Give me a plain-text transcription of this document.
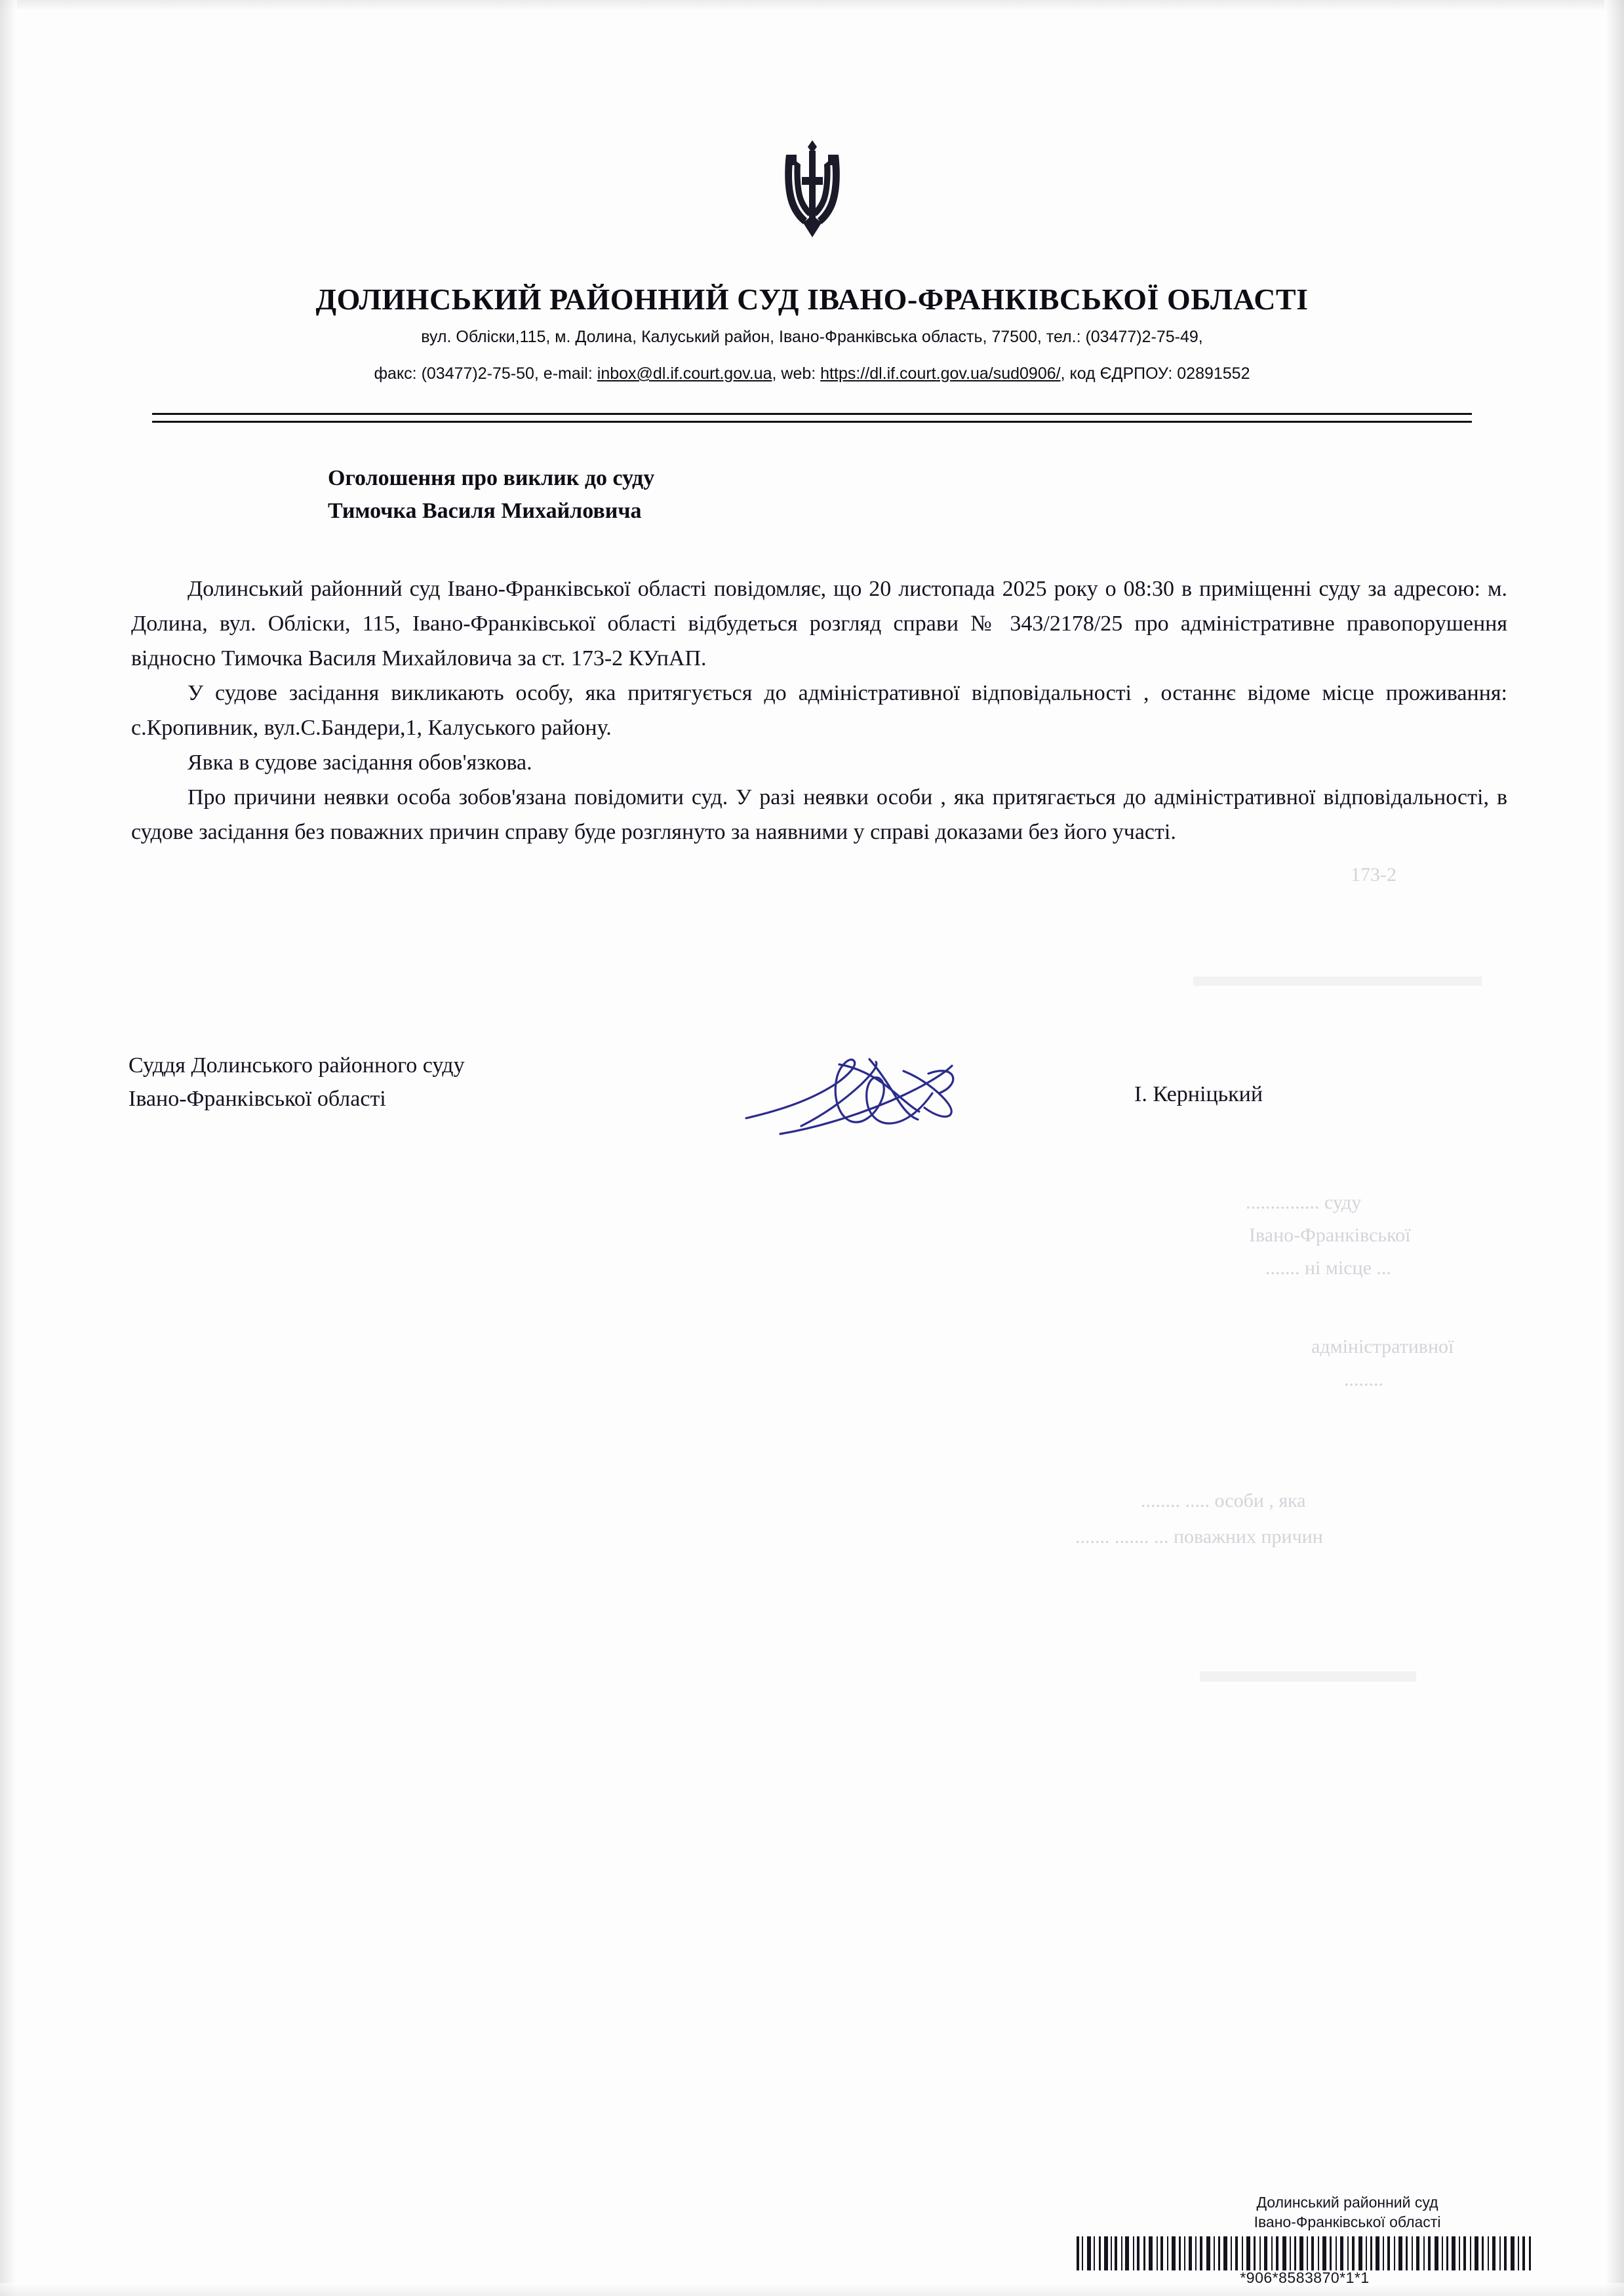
ДОЛИНСЬКИЙ РАЙОННИЙ СУД ІВАНО-ФРАНКІВСЬКОЇ ОБЛАСТІ
вул. Обліски,115, м. Долина, Калуський район, Івано-Франківська область, 77500, тел.: (03477)2-75-49,
факс: (03477)2-75-50, e-mail: inbox@dl.if.court.gov.ua, web: https://dl.if.court.gov.ua/sud0906/, код ЄДРПОУ: 02891552
Оголошення про виклик до суду
Тимочка Василя Михайловича
173-2
............... суду
Івано-Франківської
....... ні місце ...
адміністративної
........
........ ..... особи , яка
....... ....... ... поважних причин

Долинський районний суд Івано-Франківської області повідомляє, що 20 листопада 2025 року о 08:30 в приміщенні суду за адресою: м. Долина, вул. Обліски, 115, Івано-Франківської області відбудеться розгляд справи № 343/2178/25 про адміністративне правопорушення відносно Тимочка Василя Михайловича за ст. 173-2 КУпАП.

У судове засідання викликають особу, яка притягується до адміністративної відповідальності , останнє відоме місце проживання: с.Кропивник, вул.С.Бандери,1, Калуського району.

Явка в судове засідання обов'язкова.

Про причини неявки особа зобов'язана повідомити суд. У разі неявки особи , яка притягається до адміністративної відповідальності, в судове засідання без поважних причин справу буде розглянуто за наявними у справі доказами без його участі.

Суддя Долинського районного суду
Івано-Франківської області	І. Керніцький
Долинський районний суд
Івано-Франківської області
*906*8583870*1*1
